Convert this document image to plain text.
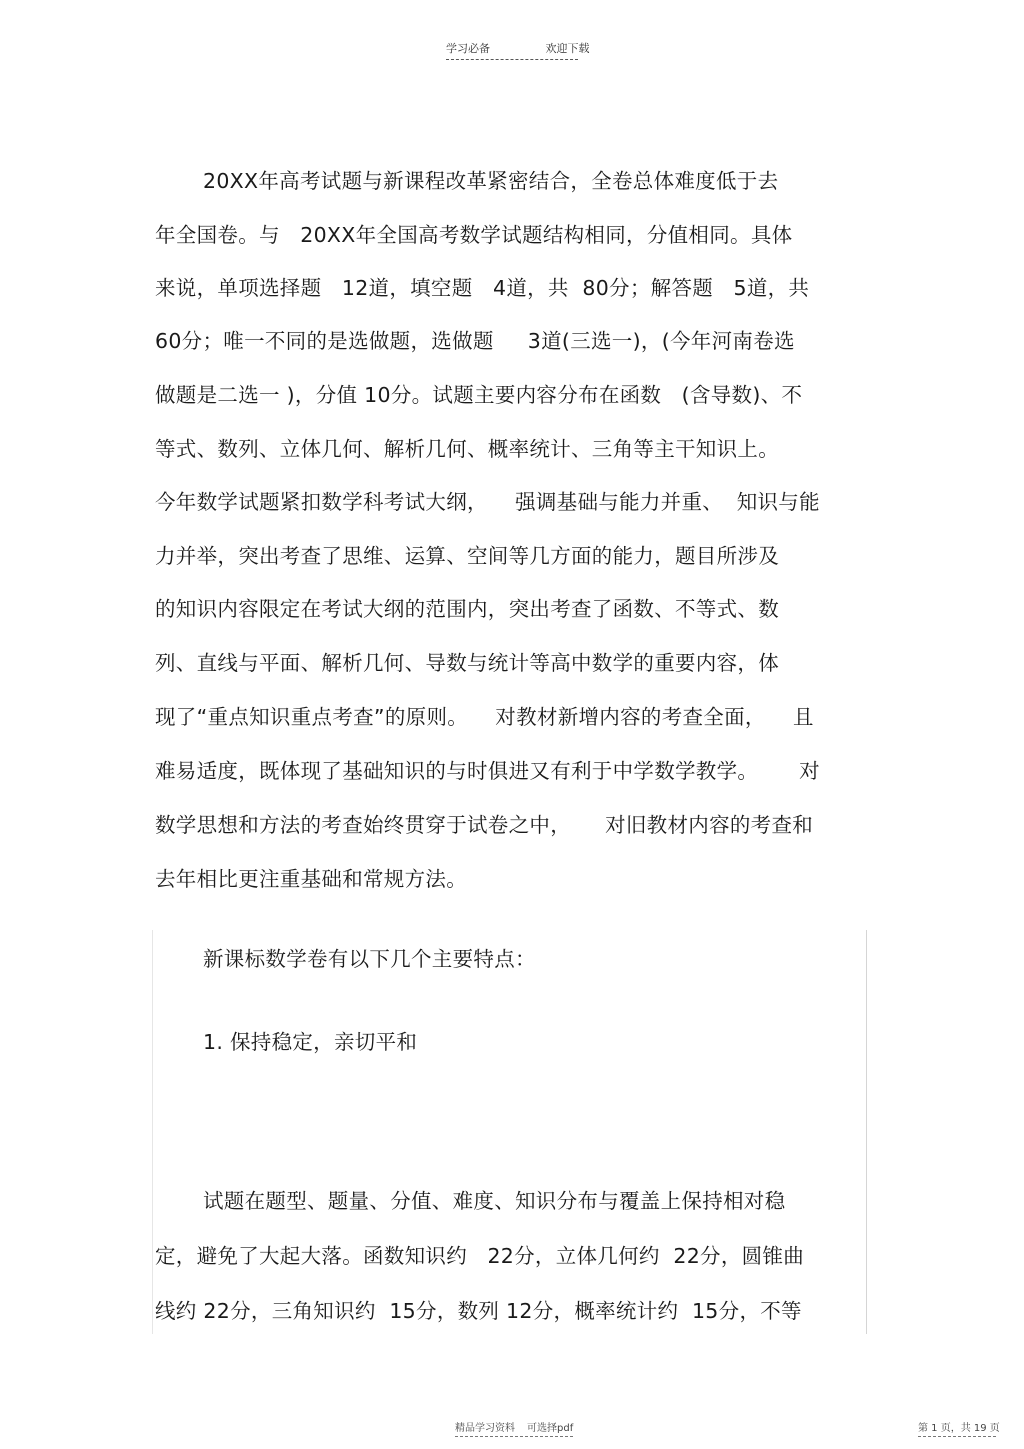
学习必备	欢迎下载
20XX年高考试题与新课程改革紧密结合，全卷总体难度低于去
年全国卷。与   20XX年全国高考数学试题结构相同，分值相同。具体
来说，单项选择题   12道，填空题   4道，共  80分；解答题   5道，共
60分；唯一不同的是选做题，选做题     3道(三选一)，(今年河南卷选
做题是二选一 )，分值 10分。试题主要内容分布在函数   (含导数)、不
等式、数列、立体几何、解析几何、概率统计、三角等主干知识上。
今年数学试题紧扣数学科考试大纲，    强调基础与能力并重、  知识与能
力并举，突出考查了思维、运算、空间等几方面的能力，题目所涉及
的知识内容限定在考试大纲的范围内，突出考查了函数、不等式、数
列、直线与平面、解析几何、导数与统计等高中数学的重要内容，体
现了“重点知识重点考查”的原则。    对教材新增内容的考查全面，    且
难易适度，既体现了基础知识的与时俱进又有利于中学数学教学。      对
数学思想和方法的考查始终贯穿于试卷之中，     对旧教材内容的考查和
去年相比更注重基础和常规方法。
新课标数学卷有以下几个主要特点：
1. 保持稳定，亲切平和
试题在题型、题量、分值、难度、知识分布与覆盖上保持相对稳
定，避免了大起大落。函数知识约   22分，立体几何约  22分，圆锥曲
线约 22分，三角知识约  15分，数列 12分，概率统计约  15分，不等
精品学习资料 可选择pdf	第 1 页，共 19 页
